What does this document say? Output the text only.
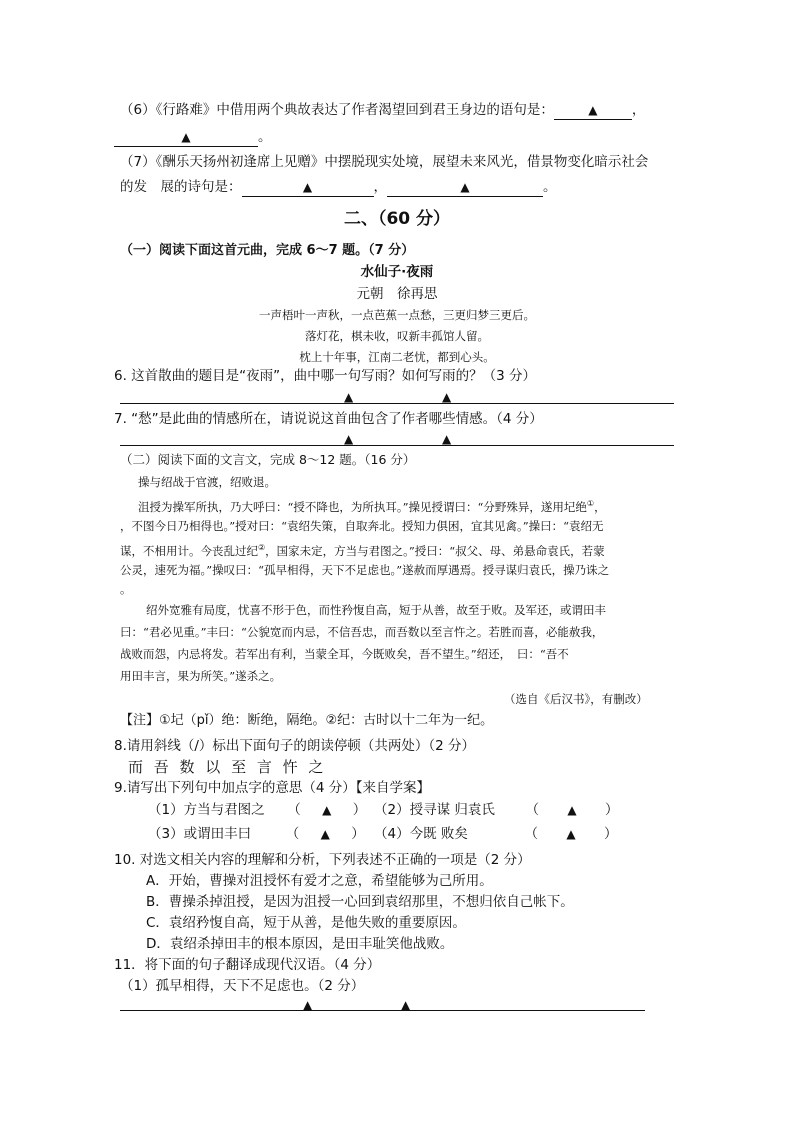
（6）《行路难》中借用两个典故表达了作者渴望回到君王身边的语句是：	▲	，
▲	。
（7）《酬乐天扬州初逢席上见赠》中摆脱现实处境，展望未来风光，借景物变化暗示社会
的发　展的诗句是：	▲	，	▲	。
二、（60 分）
（一）阅读下面这首元曲，完成 6～7 题。（7 分）
水仙子·夜雨
元朝　徐再思
一声梧叶一声秋，一点芭蕉一点愁，三更归梦三更后。
落灯花，棋未收，叹新丰孤馆人留。
枕上十年事，江南二老忧，都到心头。
6. 这首散曲的题目是“夜雨”，曲中哪一句写雨？如何写雨的？（3 分）
▲	▲
7. “愁”是此曲的情感所在，请说说这首曲包含了作者哪些情感。（4 分）
▲	▲
（二）阅读下面的文言文，完成 8～12 题。（16 分）
操与绍战于官渡，绍败退。
沮授为操军所执，乃大呼曰：“授不降也，为所执耳。”操见授谓曰：“分野殊异，遂用圮绝①，
，不图今日乃相得也。”授对曰：“袁绍失策，自取奔北。授知力俱困，宜其见禽。”操曰：“袁绍无
谋，不相用计。今丧乱过纪②，国家未定，方当与君图之。”授曰：“叔父、母、弟悬命袁氏，若蒙
公灵，速死为福。”操叹曰：“孤早相得，天下不足虑也。”遂赦而厚遇焉。授寻谋归袁氏，操乃诛之
。
绍外宽雅有局度，忧喜不形于色，而性矜愎自高，短于从善，故至于败。及军还，或谓田丰
曰：“君必见重。”丰曰：“公貌宽而内忌，不信吾忠，而吾数以至言忤之。若胜而喜，必能赦我，
战败而怨，内忌将发。若军出有利，当蒙全耳，今既败矣，吾不望生。”绍还，　曰：“吾不
用田丰言，果为所笑。”遂杀之。
（选自《后汉书》，有删改）
【注】①圮（pǐ）绝：断绝，隔绝。②纪：古时以十二年为一纪。
8.请用斜线（/）标出下面句子的朗读停顿（共两处）（2 分）
而 吾 数 以 至 言 忤 之
9.请写出下列句中加点字的意思（4 分）【来自学案】
（1）方当与君图之 （ ▲ ） （2）授寻谋 归袁氏 （ ▲ ）
（3）或谓田丰曰	（ ▲ ） （4）今既 败矣	（ ▲ ）
10. 对选文相关内容的理解和分析，下列表述不正确的一项是（2 分）
A．开始，曹操对沮授怀有爱才之意，希望能够为己所用。
B．曹操杀掉沮授，是因为沮授一心回到袁绍那里，不想归依自己帐下。
C．袁绍矜愎自高，短于从善，是他失败的重要原因。
D．袁绍杀掉田丰的根本原因，是田丰耻笑他战败。
11．将下面的句子翻译成现代汉语。（4 分）
（1）孤早相得，天下不足虑也。（2 分）
▲	▲
